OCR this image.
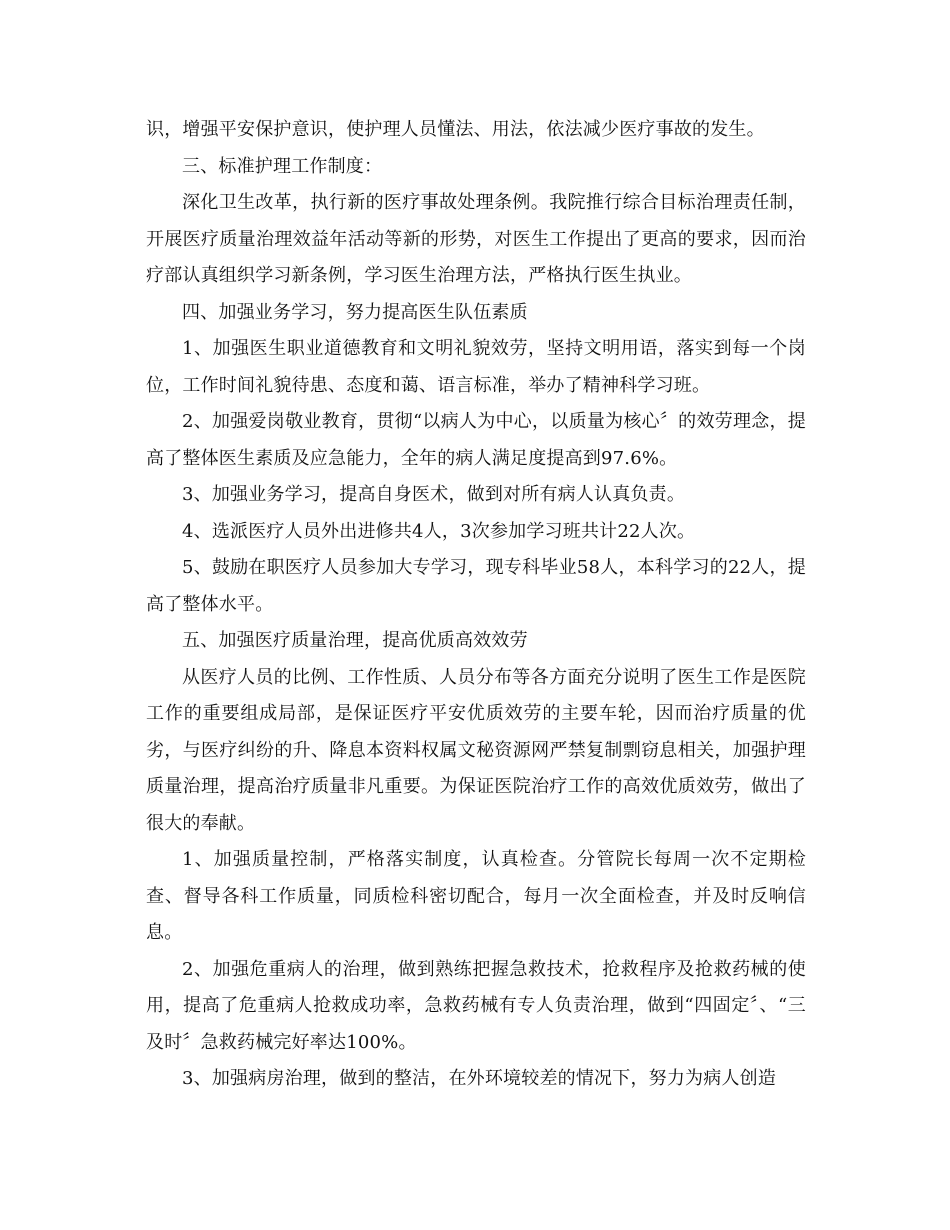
识，增强平安保护意识，使护理人员懂法、用法，依法减少医疗事故的发生。

三、标准护理工作制度：

深化卫生改革，执行新的医疗事故处理条例。我院推行综合目标治理责任制，开展医疗质量治理效益年活动等新的形势，对医生工作提出了更高的要求，因而治疗部认真组织学习新条例，学习医生治理方法，严格执行医生执业。

四、加强业务学习，努力提高医生队伍素质

1、加强医生职业道德教育和文明礼貌效劳，坚持文明用语，落实到每一个岗位，工作时间礼貌待患、态度和蔼、语言标准，举办了精神科学习班。

2、加强爱岗敬业教育，贯彻“以病人为中心，以质量为核心〞的效劳理念，提高了整体医生素质及应急能力，全年的病人满足度提高到97.6%。

3、加强业务学习，提高自身医术，做到对所有病人认真负责。

4、选派医疗人员外出进修共4人，3次参加学习班共计22人次。

5、鼓励在职医疗人员参加大专学习，现专科毕业58人，本科学习的22人，提高了整体水平。

五、加强医疗质量治理，提高优质高效效劳

从医疗人员的比例、工作性质、人员分布等各方面充分说明了医生工作是医院工作的重要组成局部，是保证医疗平安优质效劳的主要车轮，因而治疗质量的优劣，与医疗纠纷的升、降息本资料权属文秘资源网严禁复制剽窃息相关，加强护理质量治理，提高治疗质量非凡重要。为保证医院治疗工作的高效优质效劳，做出了很大的奉献。

1、加强质量控制，严格落实制度，认真检查。分管院长每周一次不定期检查、督导各科工作质量，同质检科密切配合，每月一次全面检查，并及时反响信息。

2、加强危重病人的治理，做到熟练把握急救技术，抢救程序及抢救药械的使用，提高了危重病人抢救成功率，急救药械有专人负责治理，做到“四固定〞、“三及时〞急救药械完好率达100%。

3、加强病房治理，做到的整洁，在外环境较差的情况下，努力为病人创造
